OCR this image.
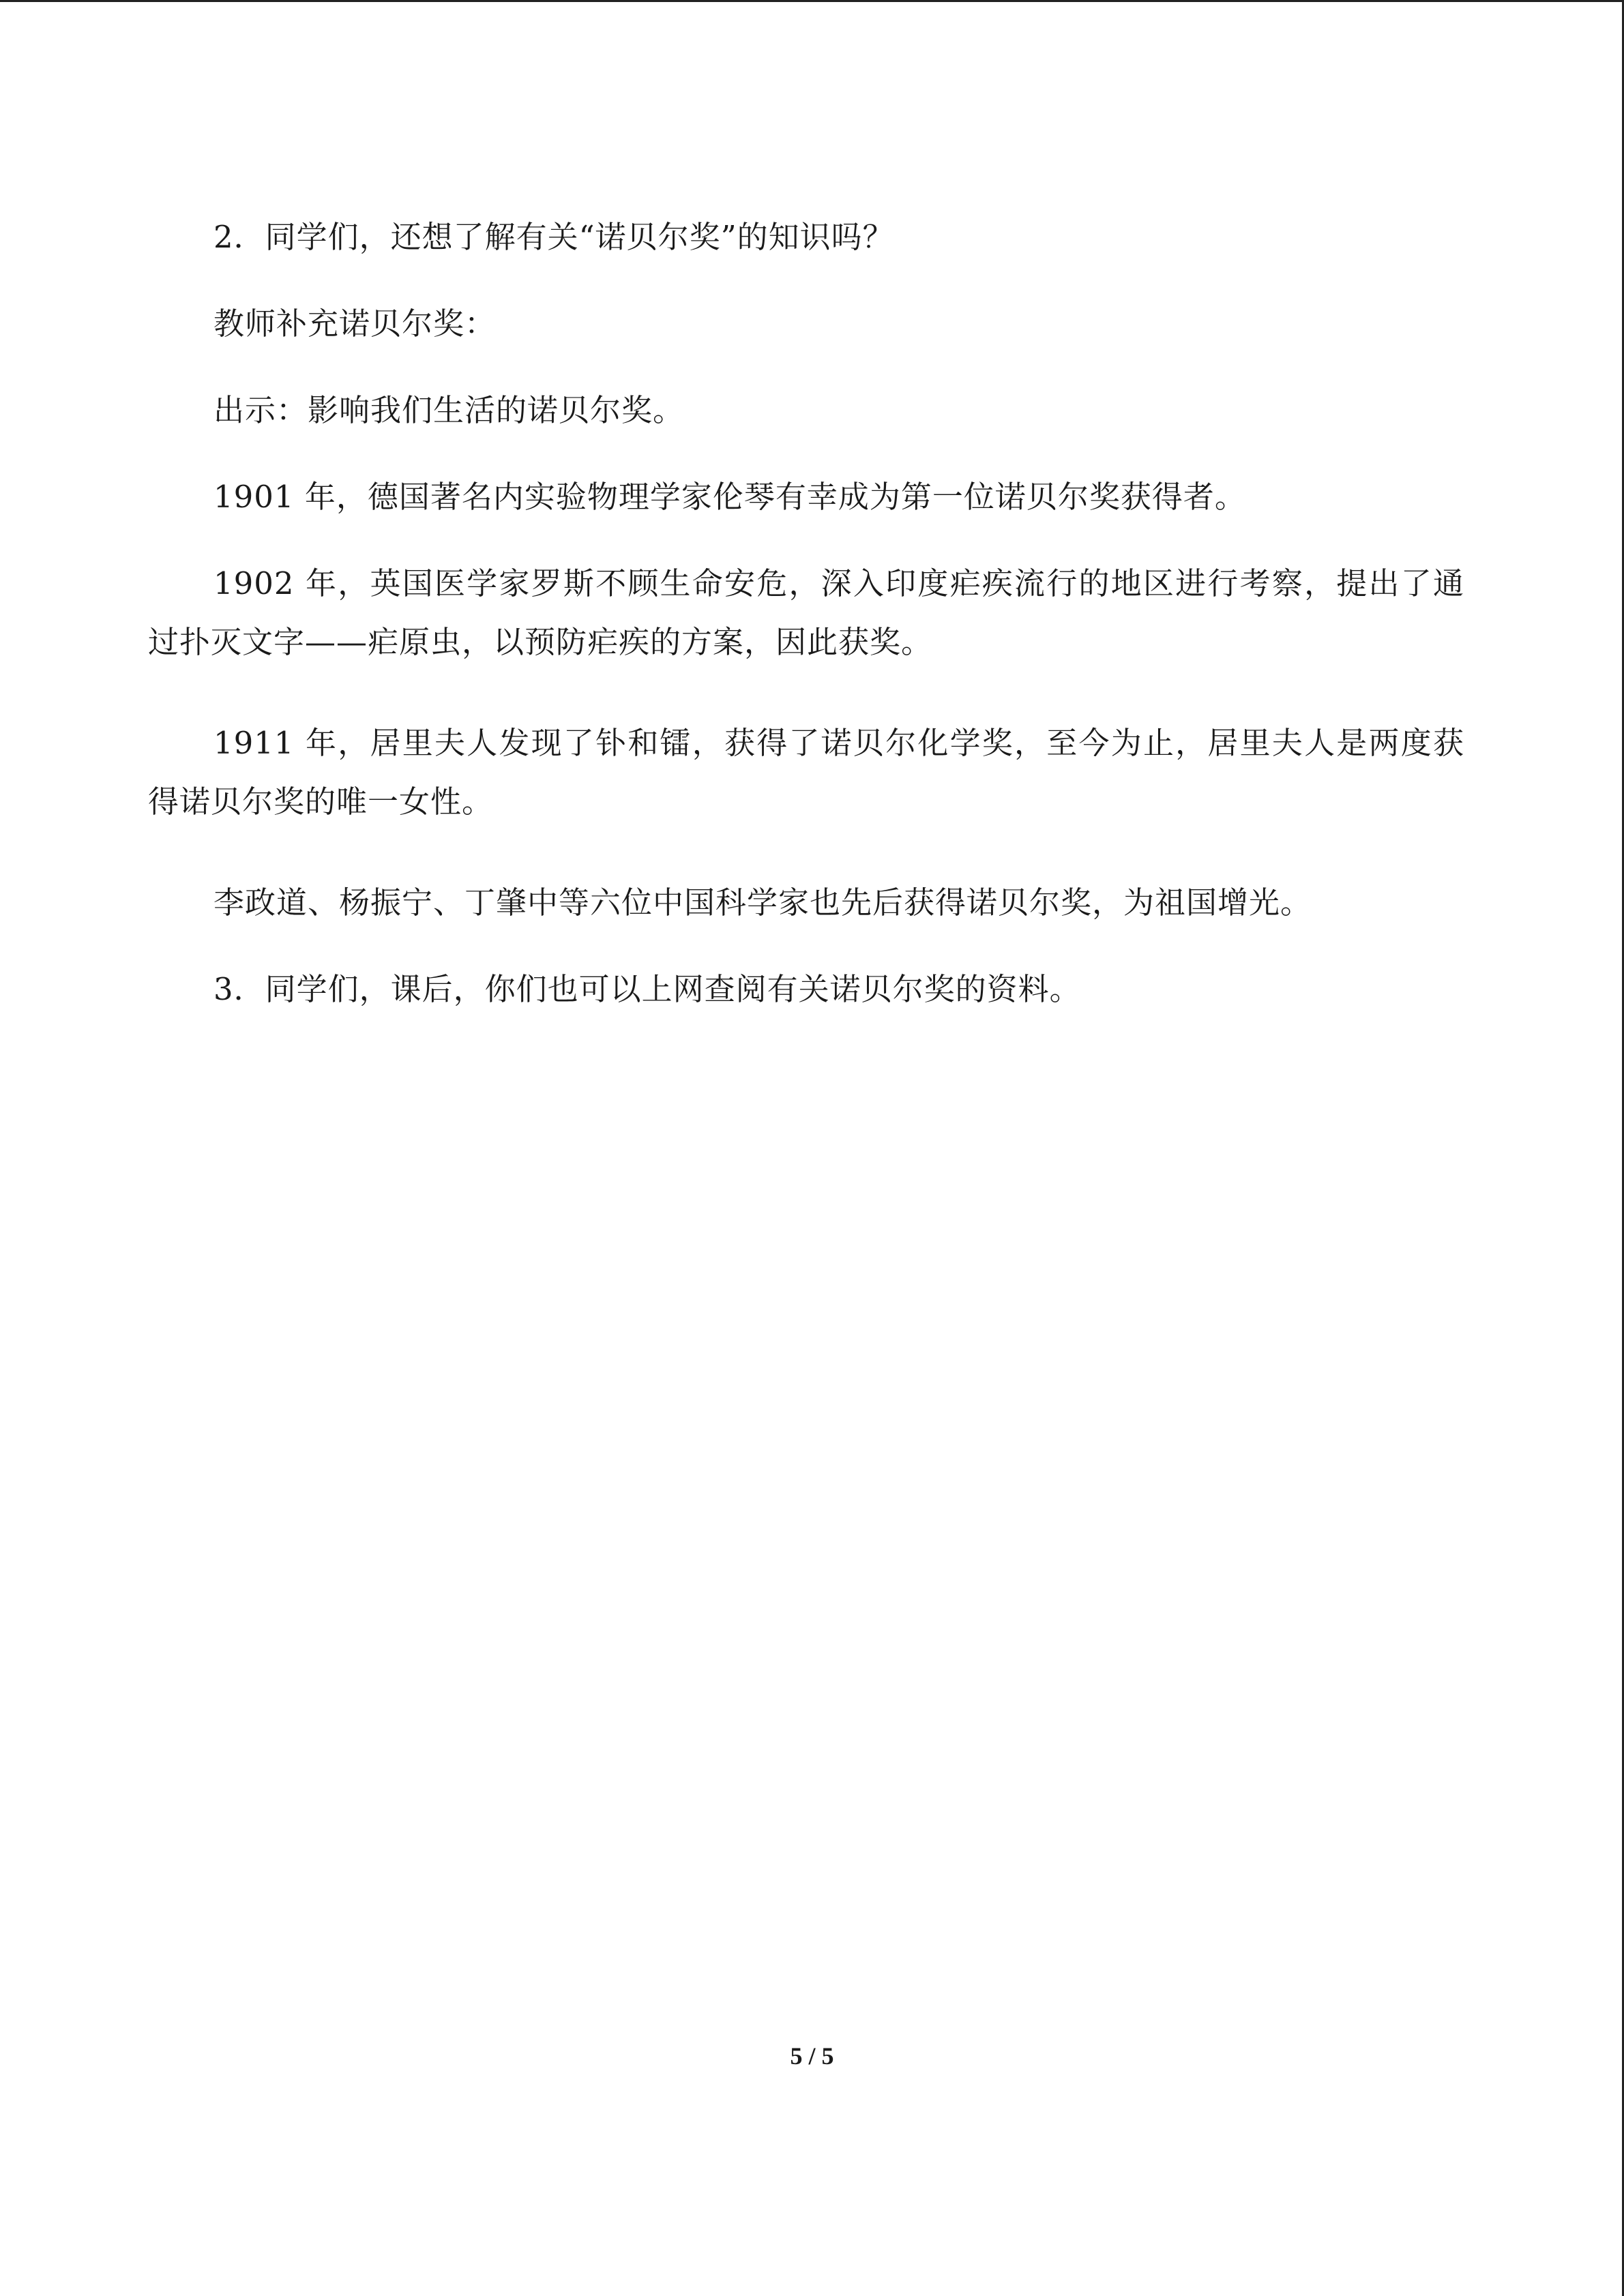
2．同学们，还想了解有关“诺贝尔奖”的知识吗？

教师补充诺贝尔奖：

出示：影响我们生活的诺贝尔奖。

1901 年，德国著名内实验物理学家伦琴有幸成为第一位诺贝尔奖获得者。

1902 年，英国医学家罗斯不顾生命安危，深入印度疟疾流行的地区进行考察，提出了通过扑灭文字——疟原虫，以预防疟疾的方案，因此获奖。

1911 年，居里夫人发现了钋和镭，获得了诺贝尔化学奖，至今为止，居里夫人是两度获得诺贝尔奖的唯一女性。

李政道、杨振宁、丁肇中等六位中国科学家也先后获得诺贝尔奖，为祖国增光。

3．同学们，课后，你们也可以上网查阅有关诺贝尔奖的资料。

5 / 5
